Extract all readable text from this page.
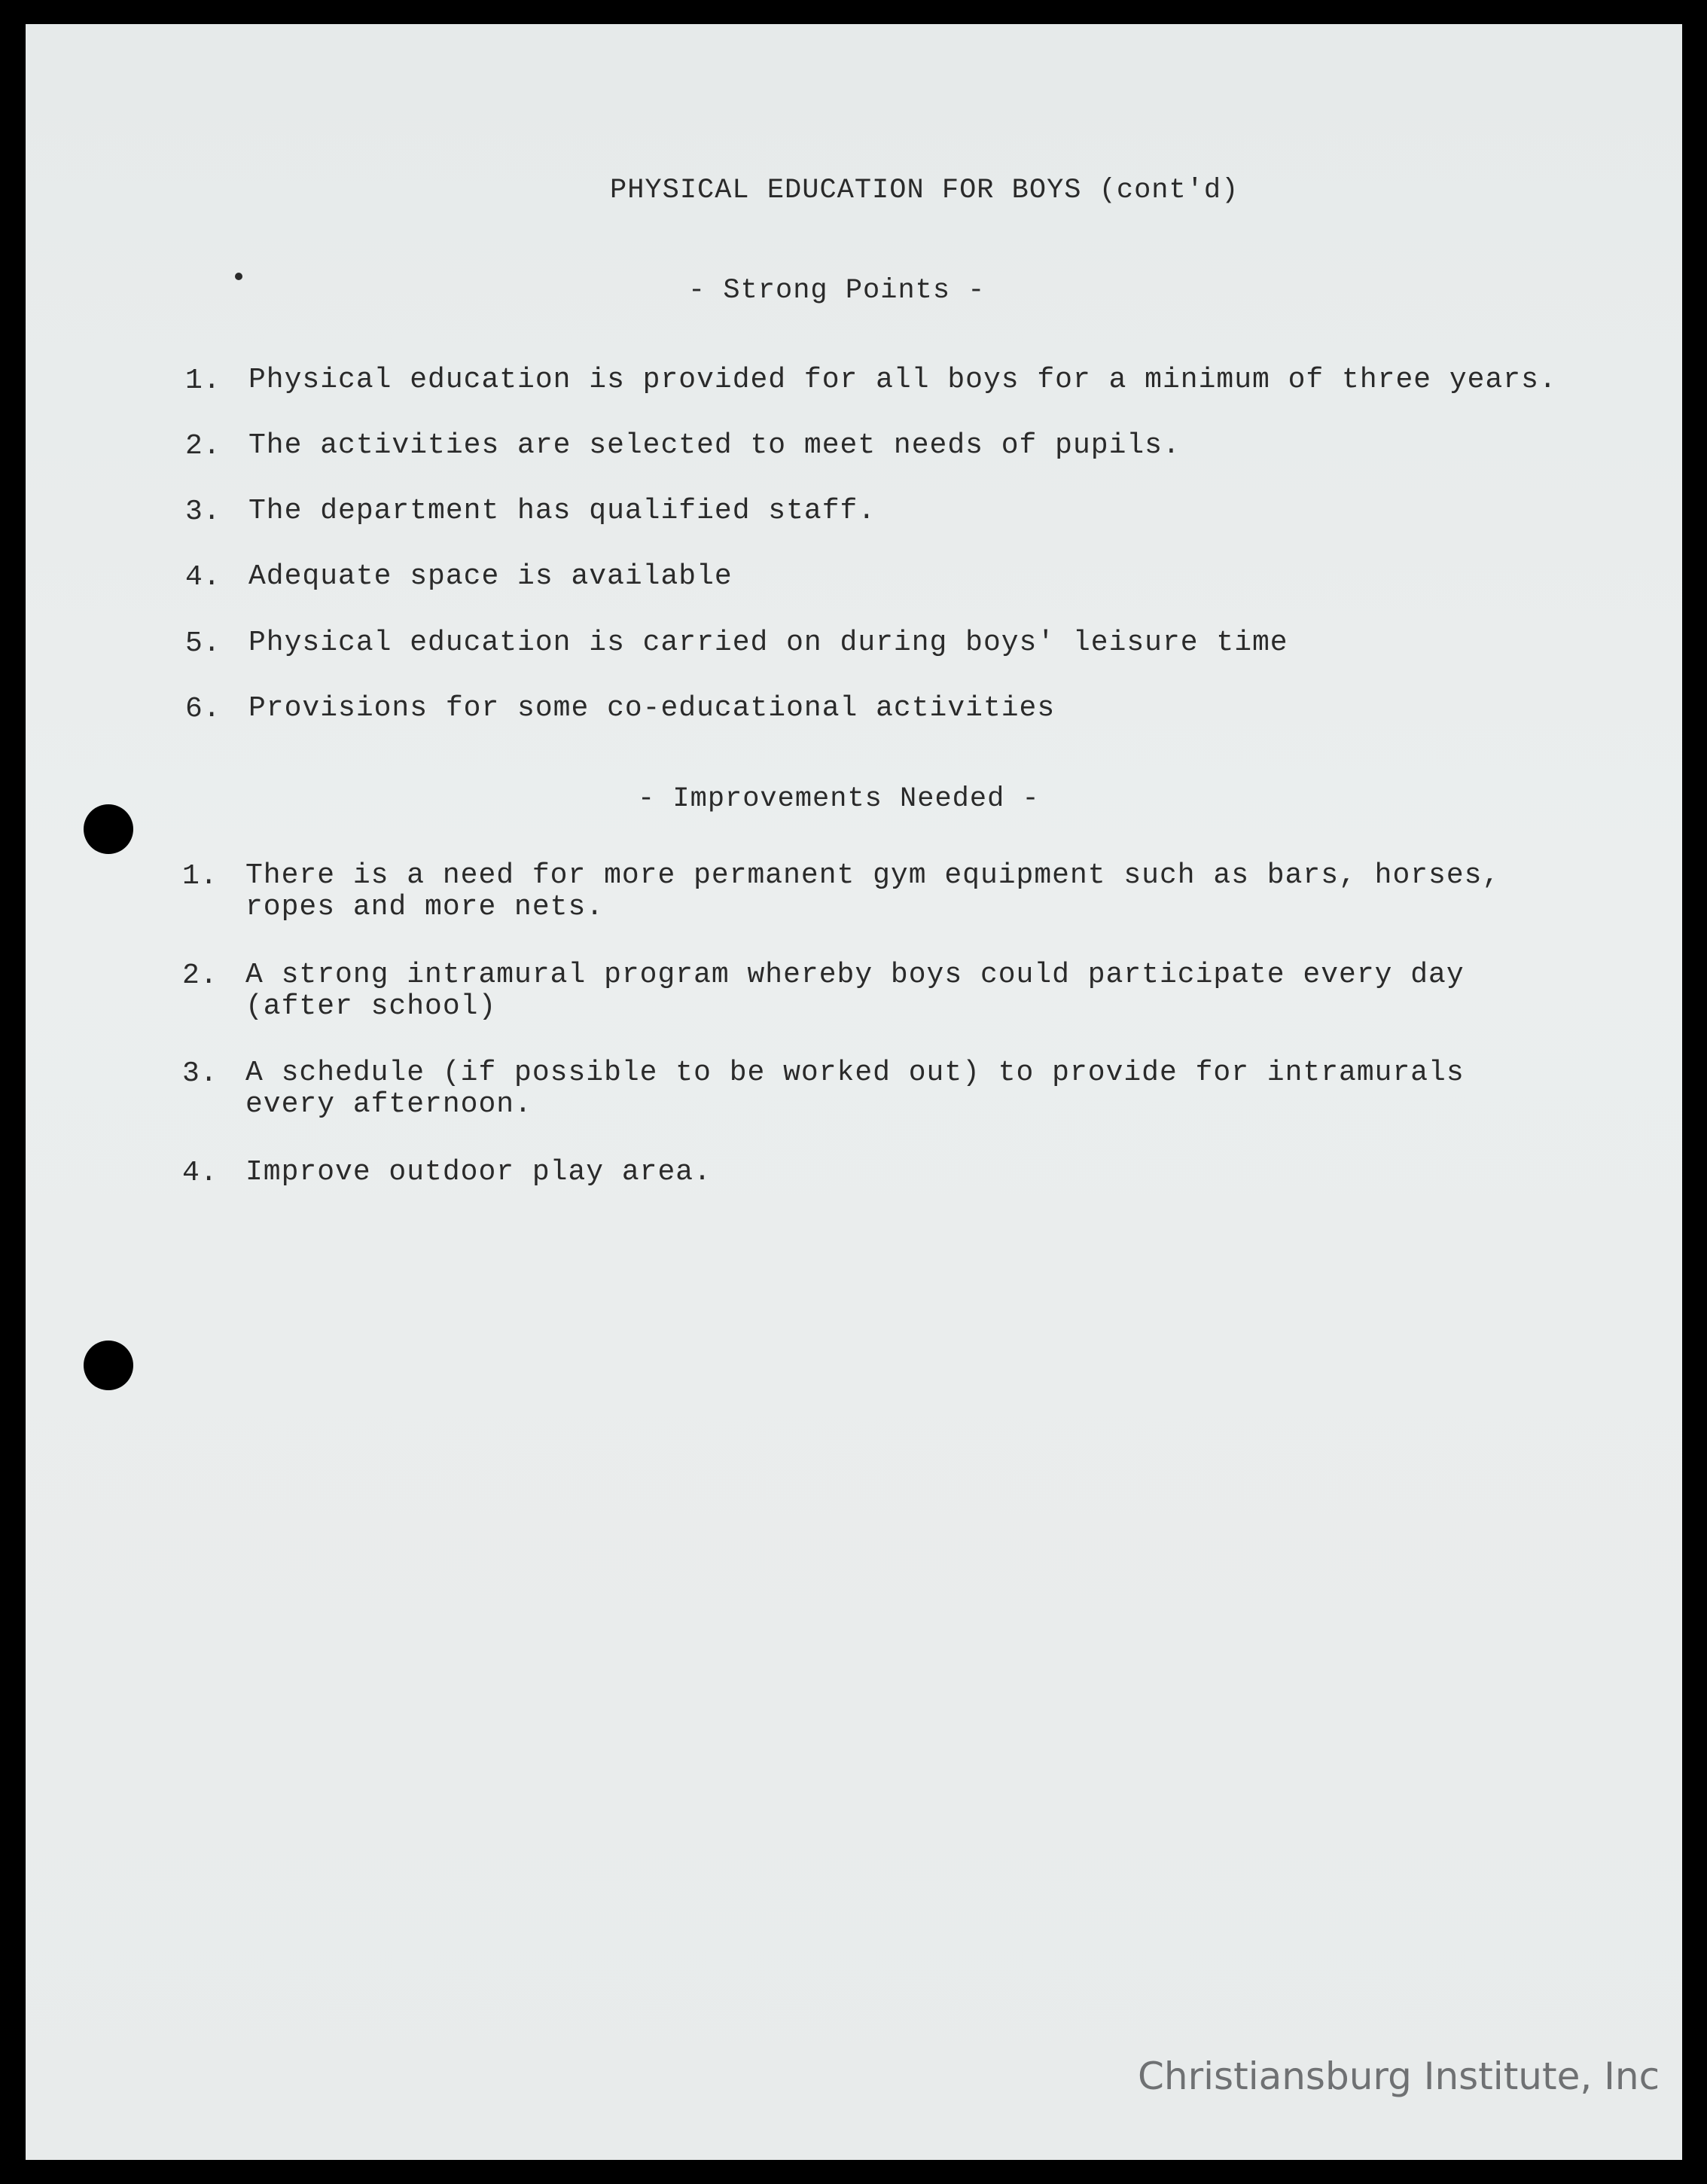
PHYSICAL EDUCATION FOR BOYS (cont'd)
- Strong Points -
1. Physical education is provided for all boys for a minimum of three years.
2. The activities are selected to meet needs of pupils.
3. The department has qualified staff.
4. Adequate space is available
5. Physical education is carried on during boys' leisure time
6. Provisions for some co-educational activities
- Improvements Needed -
1. There is a need for more permanent gym equipment such as bars, horses,
ropes and more nets.
2. A strong intramural program whereby boys could participate every day
(after school)
3. A schedule (if possible to be worked out) to provide for intramurals
every afternoon.
4. Improve outdoor play area.
Christiansburg Institute, Inc
